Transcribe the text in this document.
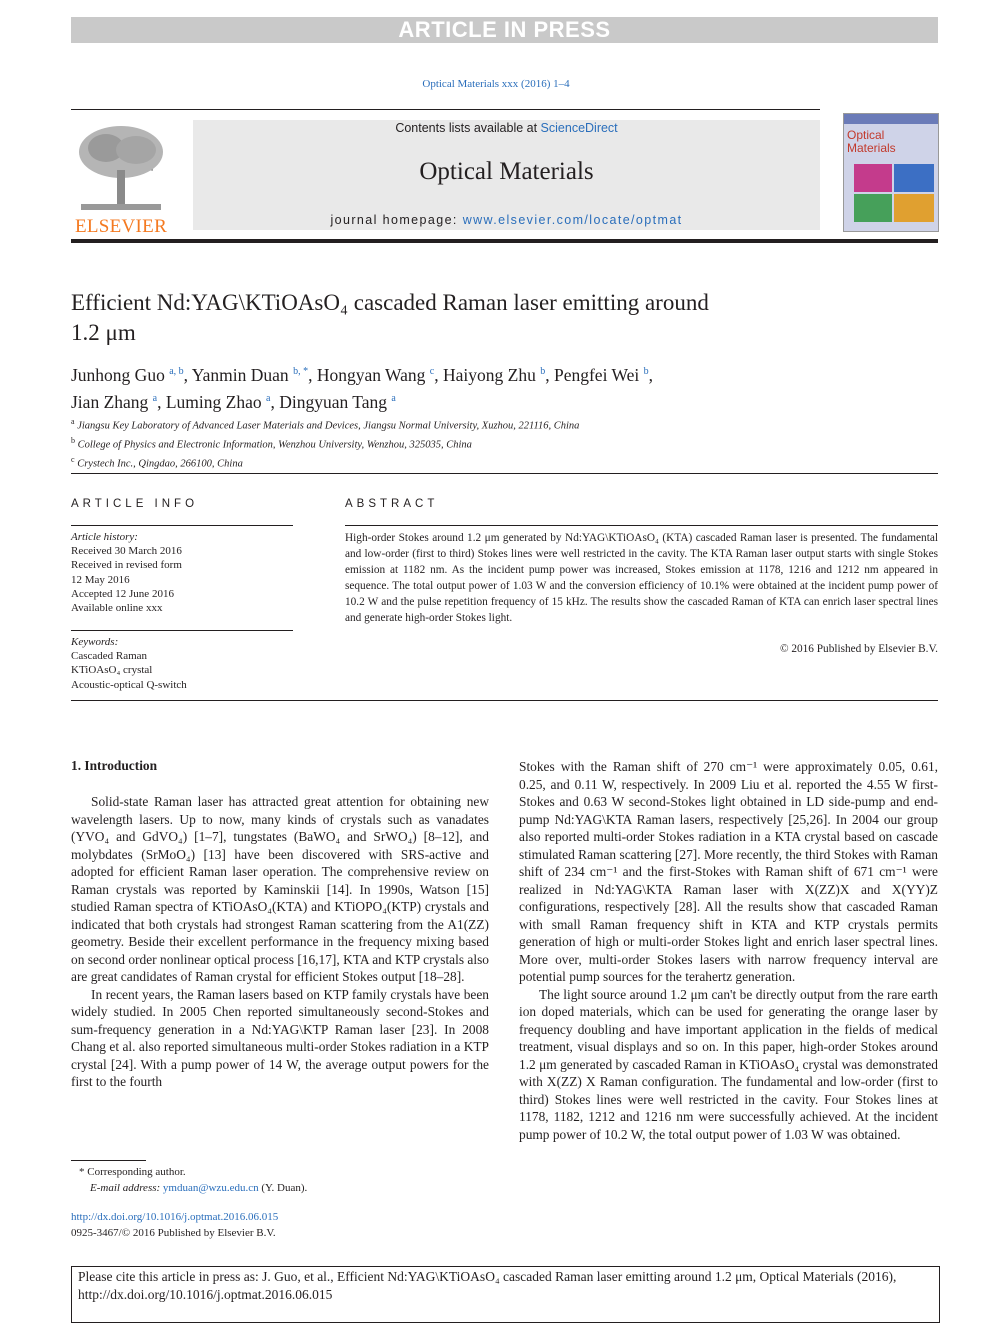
ARTICLE IN PRESS
Optical Materials xxx (2016) 1–4
ELSEVIER
Contents lists available at ScienceDirect
Optical Materials
journal homepage: www.elsevier.com/locate/optmat
Optical Materials
Efficient Nd:YAG\KTiOAsO₄ cascaded Raman laser emitting around
1.2 μm
Junhong Guo $^{a, b}$, Yanmin Duan $^{b, *}$, Hongyan Wang $^c$, Haiyong Zhu $^b$, Pengfei Wei $^b$,
Jian Zhang $^a$, Luming Zhao $^a$, Dingyuan Tang $^a$
$^a$ Jiangsu Key Laboratory of Advanced Laser Materials and Devices, Jiangsu Normal University, Xuzhou, 221116, China
$^b$ College of Physics and Electronic Information, Wenzhou University, Wenzhou, 325035, China
$^c$ Crystech Inc., Qingdao, 266100, China
ARTICLE INFO
Article history:
Received 30 March 2016
Received in revised form
12 May 2016
Accepted 12 June 2016
Available online xxx
Keywords:
Cascaded Raman
KTiOAsO₄ crystal
Acoustic-optical Q-switch
ABSTRACT
High-order Stokes around 1.2 μm generated by Nd:YAG\KTiOAsO₄ (KTA) cascaded Raman laser is presented. The fundamental and low-order (first to third) Stokes lines were well restricted in the cavity. The KTA Raman laser output starts with single Stokes emission at 1182 nm. As the incident pump power was increased, Stokes emission at 1178, 1216 and 1212 nm appeared in sequence. The total output power of 1.03 W and the conversion efficiency of 10.1% were obtained at the incident pump power of 10.2 W and the pulse repetition frequency of 15 kHz. The results show the cascaded Raman of KTA can enrich laser spectral lines and generate high-order Stokes light.
© 2016 Published by Elsevier B.V.
1. Introduction

Solid-state Raman laser has attracted great attention for obtaining new wavelength lasers. Up to now, many kinds of crystals such as vanadates (YVO₄ and GdVO₄) [1–7], tungstates (BaWO₄ and SrWO₄) [8–12], and molybdates (SrMoO₄) [13] have been discovered with SRS-active and adopted for efficient Raman laser operation. The comprehensive review on Raman crystals was reported by Kaminskii [14]. In 1990s, Watson [15] studied Raman spectra of KTiOAsO₄(KTA) and KTiOPO₄(KTP) crystals and indicated that both crystals had strongest Raman scattering from the A1(ZZ) geometry. Beside their excellent performance in the frequency mixing based on second order nonlinear optical process [16,17], KTA and KTP crystals also are great candidates of Raman crystal for efficient Stokes output [18–28].

In recent years, the Raman lasers based on KTP family crystals have been widely studied. In 2005 Chen reported simultaneously second-Stokes and sum-frequency generation in a Nd:YAG\KTP Raman laser [23]. In 2008 Chang et al. also reported simultaneous multi-order Stokes radiation in a KTP crystal [24]. With a pump power of 14 W, the average output powers for the first to the fourth

Stokes with the Raman shift of 270 cm⁻¹ were approximately 0.05, 0.61, 0.25, and 0.11 W, respectively. In 2009 Liu et al. reported the 4.55 W first-Stokes and 0.63 W second-Stokes light obtained in LD side-pump and end-pump Nd:YAG\KTA Raman lasers, respectively [25,26]. In 2004 our group also reported multi-order Stokes radiation in a KTA crystal based on cascade stimulated Raman scattering [27]. More recently, the third Stokes with Raman shift of 234 cm⁻¹ and the first-Stokes with Raman shift of 671 cm⁻¹ were realized in Nd:YAG\KTA Raman laser with X(ZZ)X and X(YY)Z configurations, respectively [28]. All the results show that cascaded Raman with small Raman frequency shift in KTA and KTP crystals permits generation of high or multi-order Stokes light and enrich laser spectral lines. More over, multi-order Stokes lasers with narrow frequency interval are potential pump sources for the terahertz generation.

The light source around 1.2 μm can't be directly output from the rare earth ion doped materials, which can be used for generating the orange laser by frequency doubling and have important application in the fields of medical treatment, visual displays and so on. In this paper, high-order Stokes around 1.2 μm generated by cascaded Raman in KTiOAsO₄ crystal was demonstrated with X(ZZ) X Raman configuration. The fundamental and low-order (first to third) Stokes lines were well restricted in the cavity. Four Stokes lines at 1178, 1182, 1212 and 1216 nm were successfully achieved. At the incident pump power of 10.2 W, the total output power of 1.03 W was obtained.

* Corresponding author.
E-mail address: ymduan@wzu.edu.cn (Y. Duan).
http://dx.doi.org/10.1016/j.optmat.2016.06.015
0925-3467/© 2016 Published by Elsevier B.V.
Please cite this article in press as: J. Guo, et al., Efficient Nd:YAG\KTiOAsO₄ cascaded Raman laser emitting around 1.2 μm, Optical Materials (2016), http://dx.doi.org/10.1016/j.optmat.2016.06.015
